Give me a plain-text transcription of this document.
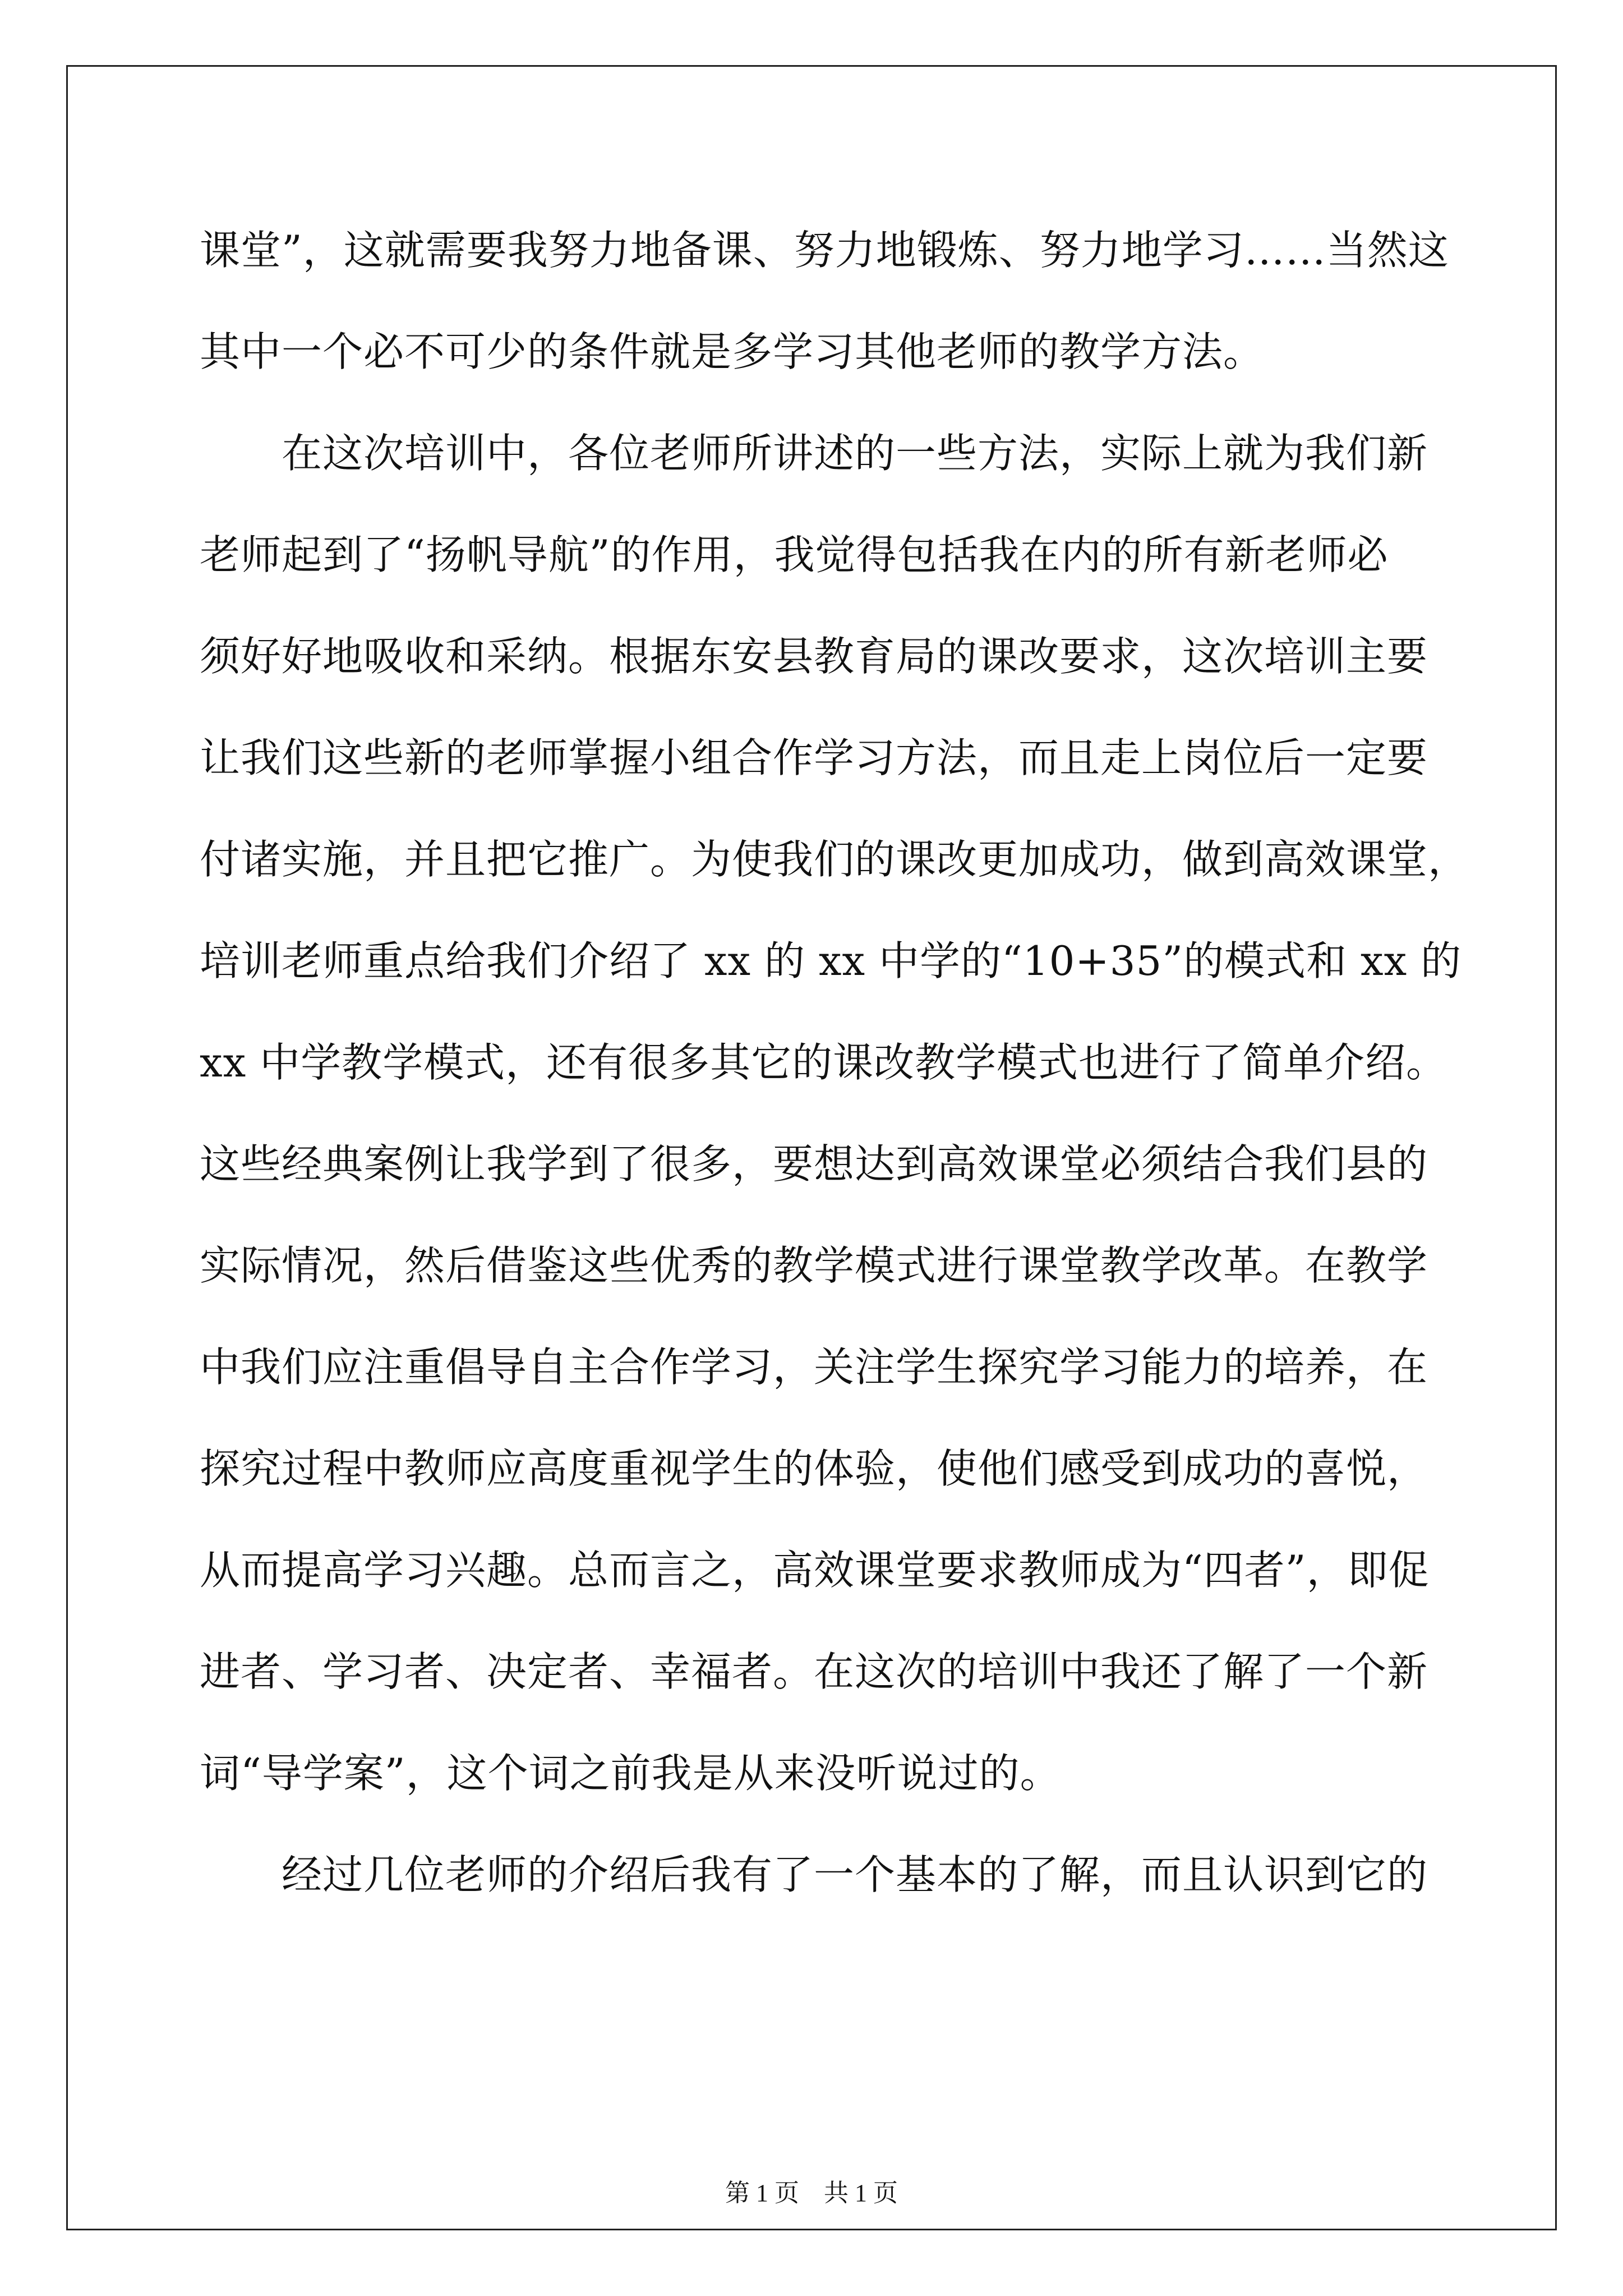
课堂”，这就需要我努力地备课、努力地锻炼、努力地学习……当然这
其中一个必不可少的条件就是多学习其他老师的教学方法。
在这次培训中，各位老师所讲述的一些方法，实际上就为我们新
老师起到了“扬帆导航”的作用，我觉得包括我在内的所有新老师必
须好好地吸收和采纳。根据东安县教育局的课改要求，这次培训主要
让我们这些新的老师掌握小组合作学习方法，而且走上岗位后一定要
付诸实施，并且把它推广。为使我们的课改更加成功，做到高效课堂，
培训老师重点给我们介绍了 xx 的 xx 中学的“10+35”的模式和 xx 的
xx 中学教学模式，还有很多其它的课改教学模式也进行了简单介绍。
这些经典案例让我学到了很多，要想达到高效课堂必须结合我们县的
实际情况，然后借鉴这些优秀的教学模式进行课堂教学改革。在教学
中我们应注重倡导自主合作学习，关注学生探究学习能力的培养，在
探究过程中教师应高度重视学生的体验，使他们感受到成功的喜悦，
从而提高学习兴趣。总而言之，高效课堂要求教师成为“四者”，即促
进者、学习者、决定者、幸福者。在这次的培训中我还了解了一个新
词“导学案”，这个词之前我是从来没听说过的。
经过几位老师的介绍后我有了一个基本的了解，而且认识到它的
第 1 页　共 1 页
